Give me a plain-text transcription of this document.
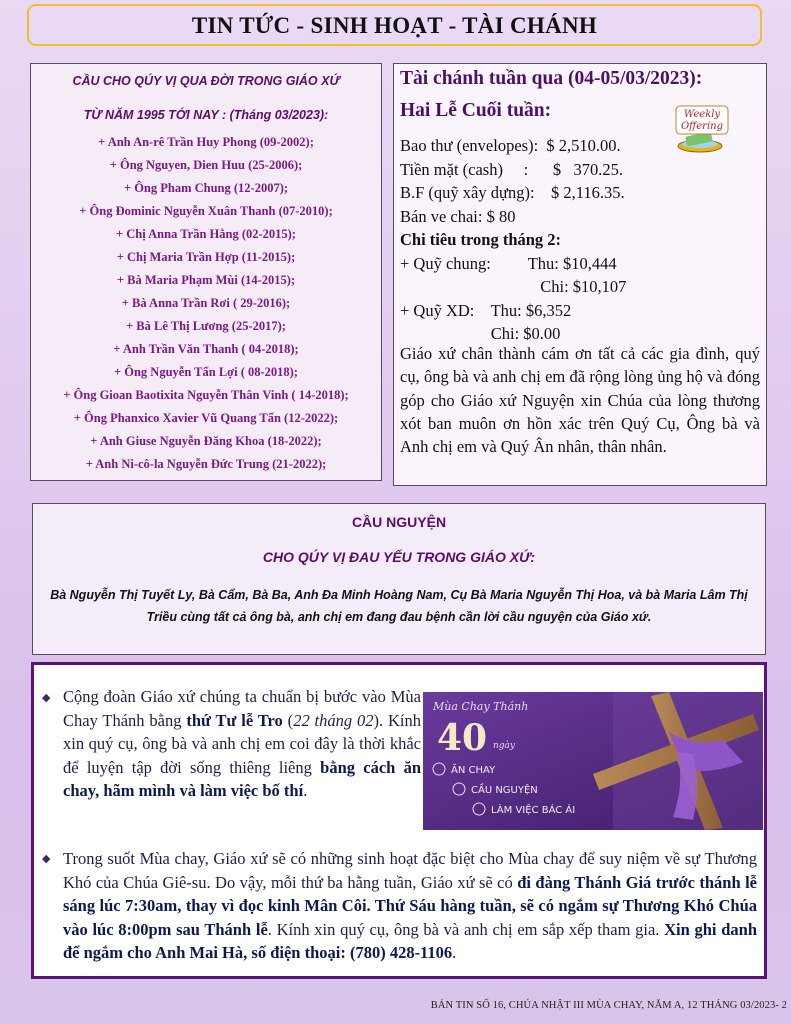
TIN TỨC - SINH HOẠT - TÀI CHÁNH
CẦU CHO QÚY VỊ QUA ĐỜI TRONG GIÁO XỨ
TỪ NĂM 1995 TỚI NAY : (Tháng 03/2023):
+ Anh An-rê Trần Huy Phong (09-2002);
+ Ông Nguyen, Dien Huu (25-2006);
+ Ông Pham Chung (12-2007);
+ Ông Đominic Nguyễn Xuân Thanh (07-2010);
+ Chị Anna Trần Hằng (02-2015);
+ Chị Maria Trần Hợp (11-2015);
+ Bà Maria Phạm Mùi (14-2015);
+ Bà Anna Trần Rơi ( 29-2016);
+ Bà Lê Thị Lương (25-2017);
+ Anh Trần Văn Thanh ( 04-2018);
+ Ông Nguyễn Tấn Lợi ( 08-2018);
+ Ông Gioan Baotixita Nguyễn Thân Vinh ( 14-2018);
+ Ông Phanxico Xavier Vũ Quang Tấn (12-2022);
+ Anh Giuse Nguyễn Đăng Khoa (18-2022);
+ Anh Ni-cô-la Nguyễn Đức Trung (21-2022);
Tài chánh tuần qua (04-05/03/2023):
Hai Lễ Cuối tuần:	Weekly
Offering
Bao thư (envelopes):  $ 2,510.00.
Tiền mặt (cash)     :      $   370.25.
B.F (quỹ xây dựng):    $ 2,116.35.
Bán ve chai: $ 80
Chi tiêu trong tháng 2:
+ Quỹ chung:         Thu: $10,444
Chi: $10,107
+ Quỹ XD:    Thu: $6,352
Chi: $0.00
Giáo xứ chân thành cám ơn tất cả các gia đình, quý cụ, ông bà và anh chị em đã rộng lòng ủng hộ và đóng góp cho Giáo xứ Nguyện xin Chúa của lòng thương xót ban muôn ơn hồn xác trên Quý Cụ, Ông bà và Anh chị em và Quý Ân nhân, thân nhân.
CẦU NGUYỆN
CHO QÚY VỊ ĐAU YẾU TRONG GIÁO XỨ:
Bà Nguyễn Thị Tuyết Ly, Bà Cẩm, Bà Ba, Anh Đa Minh Hoàng Nam, Cụ Bà Maria Nguyễn Thị Hoa, và bà Maria Lâm Thị Triều cùng tất cả ông bà, anh chị em đang đau bệnh cần lời cầu nguyện của Giáo xứ.
◆ Cộng đoàn Giáo xứ chúng ta chuẩn bị bước vào Mùa Chay Thánh bằng thứ Tư lễ Tro (22 tháng 02). Kính xin quý cụ, ông bà và anh chị em coi đây là thời khắc để luyện tập đời sống thiêng liêng bằng cách ăn chay, hãm mình và làm việc bố thí.
Mùa Chay Thánh
40 ngày
ĂN CHAY
CẦU NGUYỆN
LÀM VIỆC BÁC ÁI
◆ Trong suốt Mùa chay, Giáo xứ sẽ có những sinh hoạt đặc biệt cho Mùa chay để suy niệm về sự Thương Khó của Chúa Giê-su. Do vậy, mỗi thứ ba hằng tuần, Giáo xứ sẽ có đi đàng Thánh Giá trước thánh lễ sáng lúc 7:30am, thay vì đọc kinh Mân Côi. Thứ Sáu hàng tuần, sẽ có ngắm sự Thương Khó Chúa vào lúc 8:00pm sau Thánh lễ. Kính xin quý cụ, ông bà và anh chị em sắp xếp tham gia. Xin ghi danh để ngắm cho Anh Mai Hà, số điện thoại: (780) 428-1106.
BẢN TIN SỐ 16, CHÚA NHẬT III MÙA CHAY, NĂM A, 12 THÁNG 03/2023- 2
